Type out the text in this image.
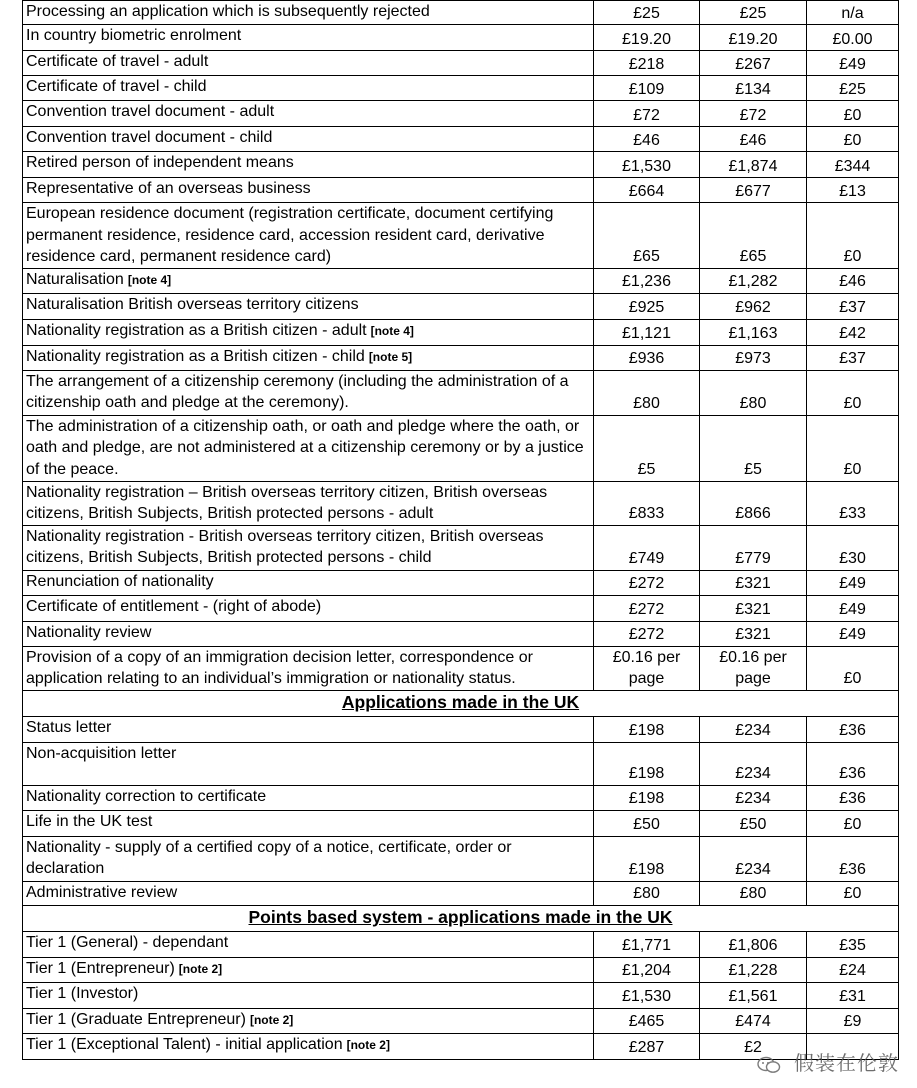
Processing an application which is subsequently rejected	£25	£25	n/a
In country biometric enrolment	£19.20	£19.20	£0.00
Certificate of travel - adult	£218	£267	£49
Certificate of travel - child	£109	£134	£25
Convention travel document - adult	£72	£72	£0
Convention travel document - child	£46	£46	£0
Retired person of independent means	£1,530	£1,874	£344
Representative of an overseas business	£664	£677	£13
European residence document (registration certificate, document certifying permanent residence, residence card, accession resident card, derivative residence card, permanent residence card)	£65	£65	£0
Naturalisation [note 4]	£1,236	£1,282	£46
Naturalisation British overseas territory citizens	£925	£962	£37
Nationality registration as a British citizen - adult [note 4]	£1,121	£1,163	£42
Nationality registration as a British citizen - child [note 5]	£936	£973	£37
The arrangement of a citizenship ceremony (including the administration of a citizenship oath and pledge at the ceremony).	£80	£80	£0
The administration of a citizenship oath, or oath and pledge where the oath, or oath and pledge, are not administered at a citizenship ceremony or by a justice of the peace.	£5	£5	£0
Nationality registration – British overseas territory citizen, British overseas citizens, British Subjects, British protected persons - adult	£833	£866	£33
Nationality registration - British overseas territory citizen, British overseas citizens, British Subjects, British protected persons - child	£749	£779	£30
Renunciation of nationality	£272	£321	£49
Certificate of entitlement - (right of abode)	£272	£321	£49
Nationality review	£272	£321	£49
Provision of a copy of an immigration decision letter, correspondence or application relating to an individual’s immigration or nationality status.	£0.16 per page	£0.16 per page	£0
Applications made in the UK			
Status letter	£198	£234	£36
Non-acquisition letter	£198	£234	£36
Nationality correction to certificate	£198	£234	£36
Life in the UK test	£50	£50	£0
Nationality - supply of a certified copy of a notice, certificate, order or declaration	£198	£234	£36
Administrative review	£80	£80	£0
Points based system - applications made in the UK			
Tier 1 (General) - dependant	£1,771	£1,806	£35
Tier 1 (Entrepreneur) [note 2]	£1,204	£1,228	£24
Tier 1 (Investor)	£1,530	£1,561	£31
Tier 1 (Graduate Entrepreneur) [note 2]	£465	£474	£9
Tier 1 (Exceptional Talent) - initial application [note 2]	£287	£2	
假装在伦敦
